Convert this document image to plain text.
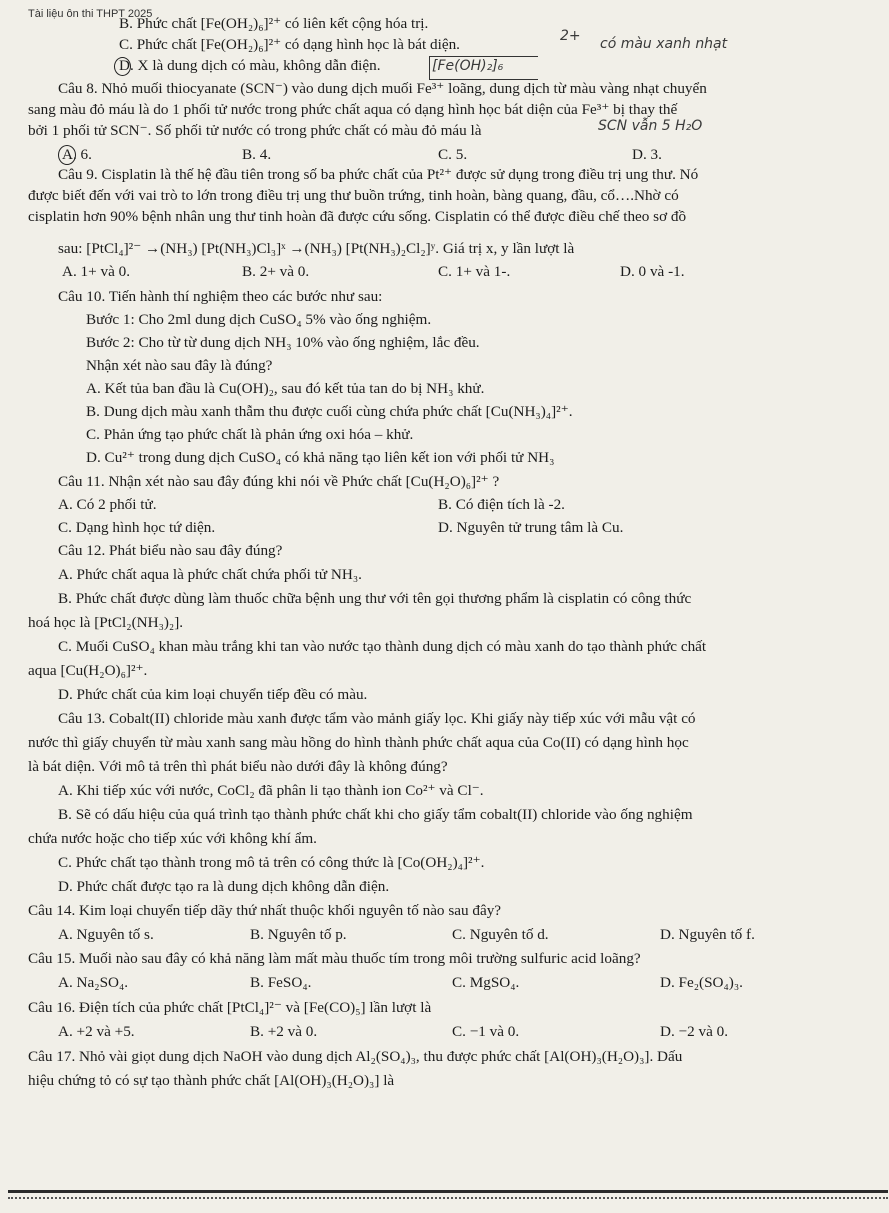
Tài liệu ôn thi THPT 2025
B. Phức chất [Fe(OH₂)₆]²⁺ có liên kết cộng hóa trị.
C. Phức chất [Fe(OH₂)₆]²⁺ có dạng hình học là bát diện.
D. X là dung dịch có màu, không dẫn điện.
2+ có màu xanh nhạt
[Fe(OH)₂]₆
Câu 8. Nhỏ muối thiocyanate (SCN⁻) vào dung dịch muối Fe³⁺ loãng, dung dịch từ màu vàng nhạt chuyển
sang màu đỏ máu là do 1 phối tử nước trong phức chất aqua có dạng hình học bát diện của Fe³⁺ bị thay thế
bởi 1 phối tử SCN⁻. Số phối tử nước có trong phức chất có màu đỏ máu là	SCN vẫn 5 H₂O
A. 6.	B. 4.	C. 5.	D. 3.
Câu 9. Cisplatin là thế hệ đầu tiên trong số ba phức chất của Pt²⁺ được sử dụng trong điều trị ung thư. Nó
được biết đến với vai trò to lớn trong điều trị ung thư buồn trứng, tinh hoàn, bàng quang, đầu, cổ….Nhờ có
cisplatin hơn 90% bệnh nhân ung thư tinh hoàn đã được cứu sống. Cisplatin có thể được điều chế theo sơ đồ
sau: [PtCl₄]²⁻ →(NH₃) [Pt(NH₃)Cl₃]ˣ →(NH₃) [Pt(NH₃)₂Cl₂]ʸ. Giá trị x, y lần lượt là
A. 1+ và 0.	B. 2+ và 0.	C. 1+ và 1-.	D. 0 và -1.
Câu 10. Tiến hành thí nghiệm theo các bước như sau:
Bước 1: Cho 2ml dung dịch CuSO₄ 5% vào ống nghiệm.
Bước 2: Cho từ từ dung dịch NH₃ 10% vào ống nghiệm, lắc đều.
Nhận xét nào sau đây là đúng?
A. Kết tủa ban đầu là Cu(OH)₂, sau đó kết tủa tan do bị NH₃ khử.
B. Dung dịch màu xanh thẫm thu được cuối cùng chứa phức chất [Cu(NH₃)₄]²⁺.
C. Phản ứng tạo phức chất là phản ứng oxi hóa – khử.
D. Cu²⁺ trong dung dịch CuSO₄ có khả năng tạo liên kết ion với phối tử NH₃
Câu 11. Nhận xét nào sau đây đúng khi nói về Phức chất [Cu(H₂O)₆]²⁺ ?
A. Có 2 phối tử.	B. Có điện tích là -2.
C. Dạng hình học tứ diện.	D. Nguyên tử trung tâm là Cu.
Câu 12. Phát biểu nào sau đây đúng?
A. Phức chất aqua là phức chất chứa phối tử NH₃.
B. Phức chất được dùng làm thuốc chữa bệnh ung thư với tên gọi thương phẩm là cisplatin có công thức
hoá học là [PtCl₂(NH₃)₂].
C. Muối CuSO₄ khan màu trắng khi tan vào nước tạo thành dung dịch có màu xanh do tạo thành phức chất
aqua [Cu(H₂O)₆]²⁺.
D. Phức chất của kim loại chuyển tiếp đều có màu.
Câu 13. Cobalt(II) chloride màu xanh được tẩm vào mảnh giấy lọc. Khi giấy này tiếp xúc với mẫu vật có
nước thì giấy chuyển từ màu xanh sang màu hồng do hình thành phức chất aqua của Co(II) có dạng hình học
là bát diện. Với mô tả trên thì phát biểu nào dưới đây là không đúng?
A. Khi tiếp xúc với nước, CoCl₂ đã phân li tạo thành ion Co²⁺ và Cl⁻.
B. Sẽ có dấu hiệu của quá trình tạo thành phức chất khi cho giấy tẩm cobalt(II) chloride vào ống nghiệm
chứa nước hoặc cho tiếp xúc với không khí ẩm.
C. Phức chất tạo thành trong mô tả trên có công thức là [Co(OH₂)₄]²⁺.
D. Phức chất được tạo ra là dung dịch không dẫn điện.
Câu 14. Kim loại chuyển tiếp dãy thứ nhất thuộc khối nguyên tố nào sau đây?
A. Nguyên tố s.	B. Nguyên tố p.	C. Nguyên tố d.	D. Nguyên tố f.
Câu 15. Muối nào sau đây có khả năng làm mất màu thuốc tím trong môi trường sulfuric acid loãng?
A. Na₂SO₄.	B. FeSO₄.	C. MgSO₄.	D. Fe₂(SO₄)₃.
Câu 16. Điện tích của phức chất [PtCl₄]²⁻ và [Fe(CO)₅] lần lượt là
A. +2 và +5.	B. +2 và 0.	C. −1 và 0.	D. −2 và 0.
Câu 17. Nhỏ vài giọt dung dịch NaOH vào dung dịch Al₂(SO₄)₃, thu được phức chất [Al(OH)₃(H₂O)₃]. Dấu
hiệu chứng tỏ có sự tạo thành phức chất [Al(OH)₃(H₂O)₃] là
